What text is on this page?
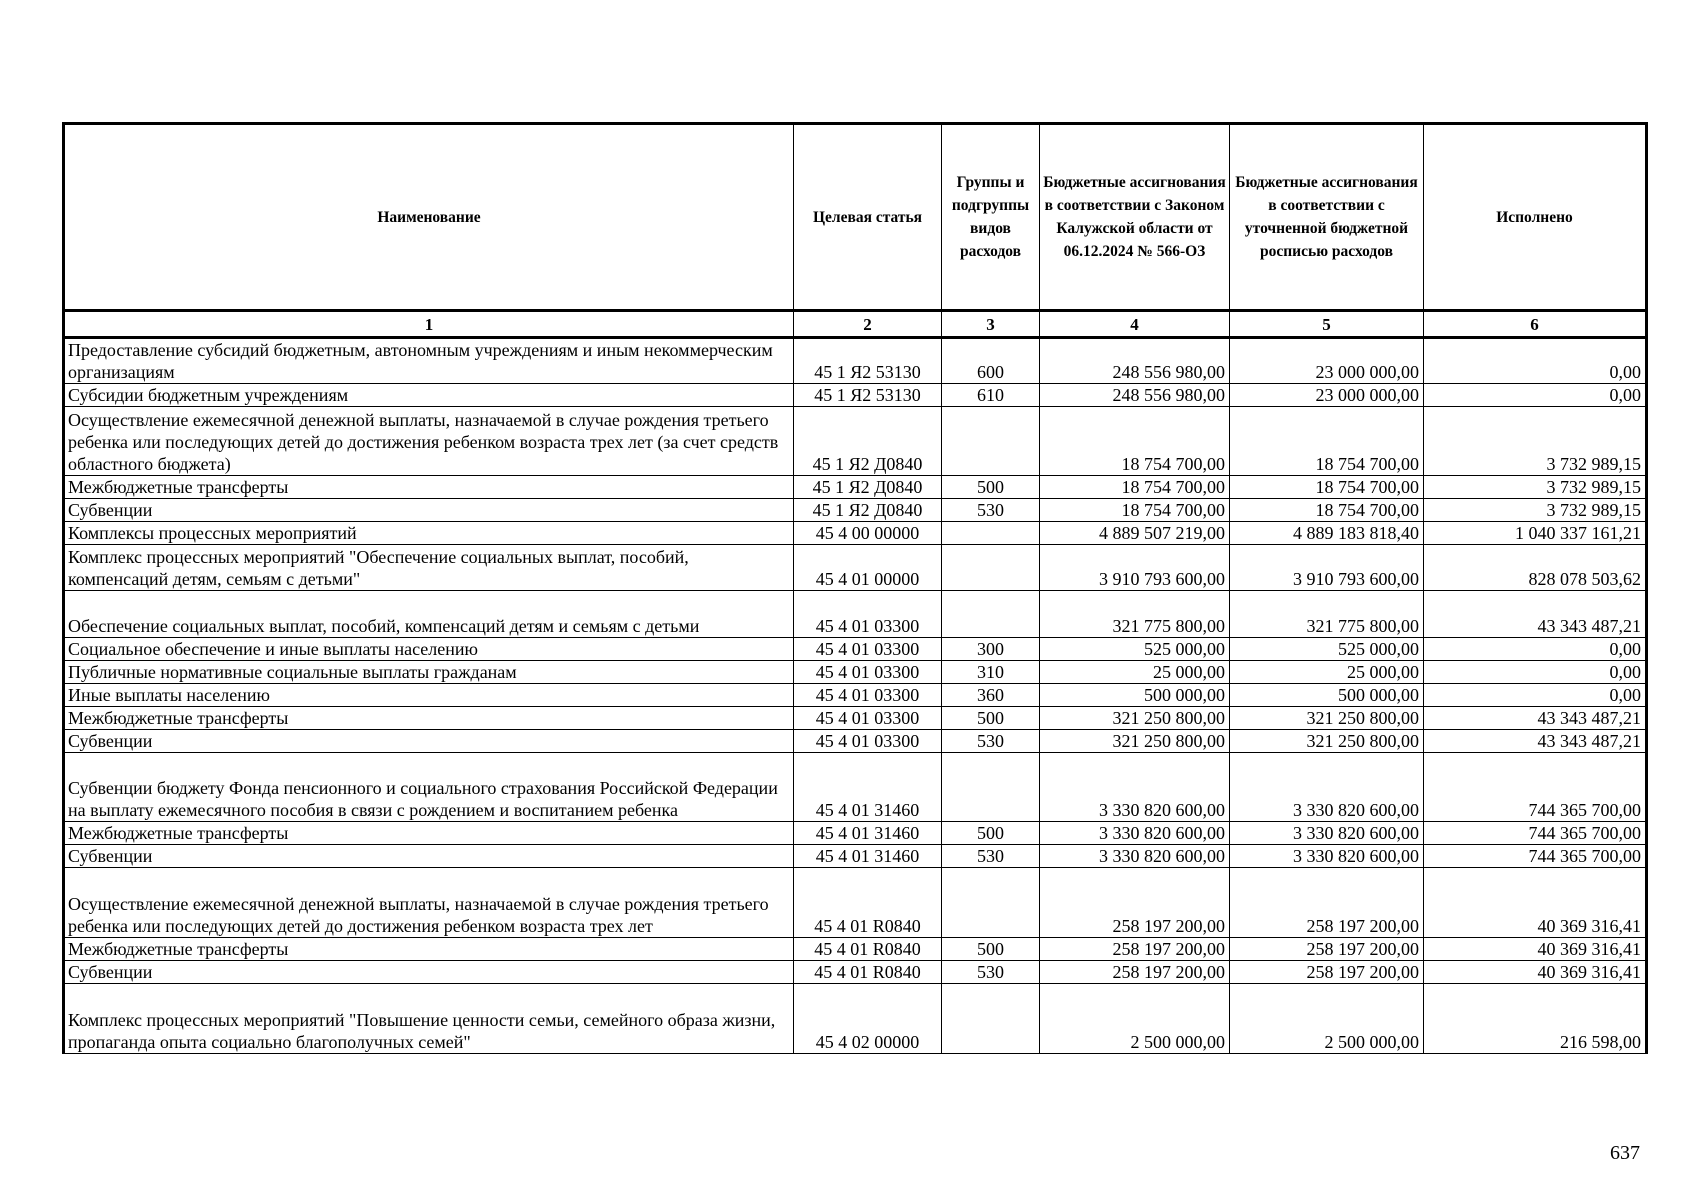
Наименование	Целевая статья	Группы и подгруппы видов расходов	Бюджетные ассигнования в соответствии с Законом Калужской области от 06.12.2024 № 566-ОЗ	Бюджетные ассигнования в соответствии с уточненной бюджетной росписью расходов	Исполнено
1	2	3	4	5	6
Предоставление субсидий бюджетным, автономным учреждениям и иным некоммерческим организациям	45 1 Я2 53130	600	248 556 980,00	23 000 000,00	0,00
Субсидии бюджетным учреждениям	45 1 Я2 53130	610	248 556 980,00	23 000 000,00	0,00
Осуществление ежемесячной денежной выплаты, назначаемой в случае рождения третьего ребенка или последующих детей до достижения ребенком возраста трех лет (за счет средств областного бюджета)	45 1 Я2 Д0840		18 754 700,00	18 754 700,00	3 732 989,15
Межбюджетные трансферты	45 1 Я2 Д0840	500	18 754 700,00	18 754 700,00	3 732 989,15
Субвенции	45 1 Я2 Д0840	530	18 754 700,00	18 754 700,00	3 732 989,15
Комплексы процессных мероприятий	45 4 00 00000		4 889 507 219,00	4 889 183 818,40	1 040 337 161,21
Комплекс процессных мероприятий "Обеспечение социальных выплат, пособий, компенсаций детям, семьям с детьми"	45 4 01 00000		3 910 793 600,00	3 910 793 600,00	828 078 503,62
Обеспечение социальных выплат, пособий, компенсаций детям и семьям с детьми	45 4 01 03300		321 775 800,00	321 775 800,00	43 343 487,21
Социальное обеспечение и иные выплаты населению	45 4 01 03300	300	525 000,00	525 000,00	0,00
Публичные нормативные социальные выплаты гражданам	45 4 01 03300	310	25 000,00	25 000,00	0,00
Иные выплаты населению	45 4 01 03300	360	500 000,00	500 000,00	0,00
Межбюджетные трансферты	45 4 01 03300	500	321 250 800,00	321 250 800,00	43 343 487,21
Субвенции	45 4 01 03300	530	321 250 800,00	321 250 800,00	43 343 487,21
Субвенции бюджету Фонда пенсионного и социального страхования Российской Федерации на выплату ежемесячного пособия в связи с рождением и воспитанием ребенка	45 4 01 31460		3 330 820 600,00	3 330 820 600,00	744 365 700,00
Межбюджетные трансферты	45 4 01 31460	500	3 330 820 600,00	3 330 820 600,00	744 365 700,00
Субвенции	45 4 01 31460	530	3 330 820 600,00	3 330 820 600,00	744 365 700,00
Осуществление ежемесячной денежной выплаты, назначаемой в случае рождения третьего ребенка или последующих детей до достижения ребенком возраста трех лет	45 4 01 R0840		258 197 200,00	258 197 200,00	40 369 316,41
Межбюджетные трансферты	45 4 01 R0840	500	258 197 200,00	258 197 200,00	40 369 316,41
Субвенции	45 4 01 R0840	530	258 197 200,00	258 197 200,00	40 369 316,41
Комплекс процессных мероприятий "Повышение ценности семьи, семейного образа жизни, пропаганда опыта социально благополучных семей"	45 4 02 00000		2 500 000,00	2 500 000,00	216 598,00
637
